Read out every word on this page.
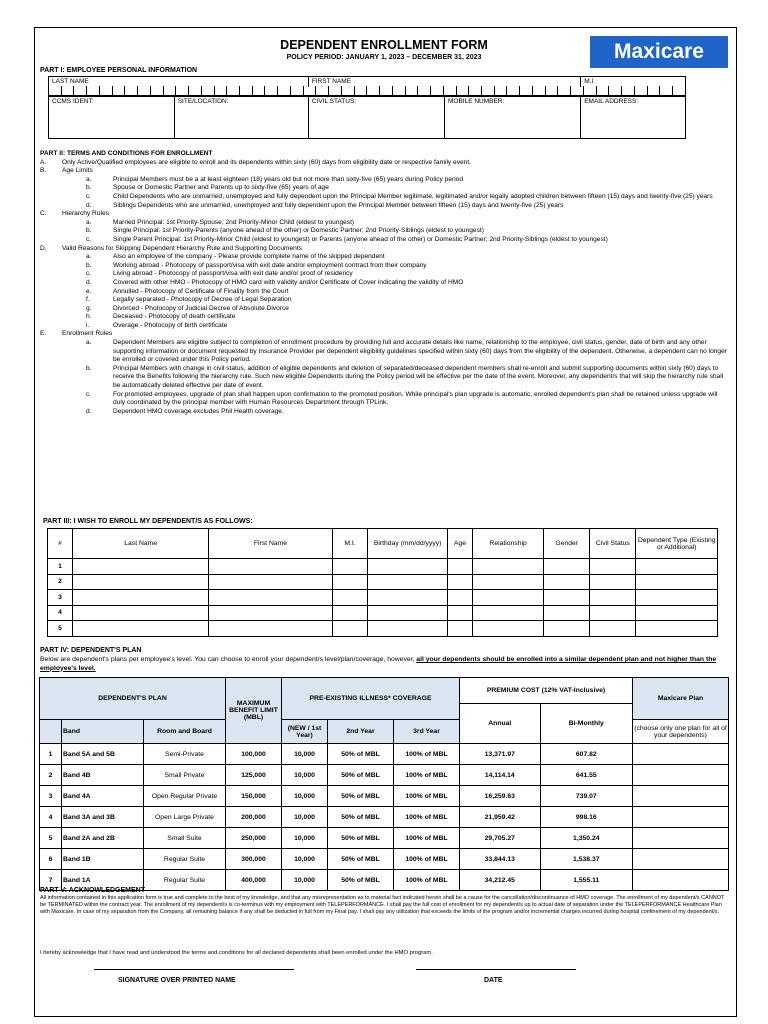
DEPENDENT ENROLLMENT FORM
POLICY PERIOD: JANUARY 1, 2023 – DECEMBER 31, 2023	Maxicare
PART I: EMPLOYEE PERSONAL INFORMATION
LAST NAME		FIRST NAME		M.I

CCMS IDENT:	SITE/LOCATION:	CIVIL STATUS:	MOBILE NUMBER:	EMAIL ADDRESS:
PART II: TERMS AND CONDITIONS FOR ENROLLMENT
A.	Only Active/Qualified employees are eligible to enroll and its dependents within sixty (60) days from eligibility date or respective family event.
B.	Age Limits
a.	Principal Members must be a at least eighteen (18) years old but not more than sixty-five (65) years during Policy period
b.	Spouse or Domestic Partner and Parents up to sixty-five (65) years of age
c.	Child Dependents who are unmarried, unemployed and fully dependent upon the Principal Member legitimate, legitimated and/or legally adopted children between fifteen (15) days and twenty-five (25) years
d.	Siblings Dependents who are unmarried, unemployed and fully dependent upon the Principal Member between fifteen (15) days and twenty-five (25) years
C.	Hierarchy Rules
a.	Married Principal: 1st Priority-Spouse; 2nd Priority-Minor Child (eldest to youngest)
b.	Single Principal: 1st Priority-Parents (anyone ahead of the other) or Domestic Partner; 2nd Priority-Siblings (eldest to youngest)
c.	Single Parent Principal: 1st Priority-Minor Child (eldest to youngest) or Parents (anyone ahead of the other) or Domestic Partner; 2nd Priority-Siblings (eldest to youngest)
D.	Valid Reasons for Skipping Dependent Hierarchy Rule and Supporting Documents
a.	Also an employee of the company - Please provide complete name of the skipped dependent
b.	Working abroad - Photocopy of passport/visa with exit date and/or employment contract from their company
c.	Living abroad - Photocopy of passport/visa with exit date and/or proof of residency
d.	Covered with other HMO - Photocopy of HMO card with validity and/or Certificate of Cover indicating the validity of HMO
e.	Annulled - Photocopy of Certificate of Finality from the Court
f.	Legally separated - Photocopy of Decree of Legal Separation
g.	Divorced - Photocopy of Judicial Decree of Absolute Divorce
h.	Deceased - Photocopy of death certificate
i.	Overage - Photocopy of birth certificate
E.	Enrollment Rules
a.	Dependent Members are eligible subject to completion of enrollment procedure by providing full and accurate details like name, relationship to the employee, civil status, gender, date of birth and any other supporting information or document requested by Insurance Provider per dependent eligibility guidelines specified within sixty (60) days from the eligibility of the dependent. Otherwise, a dependent can no longer be enrolled or covered under this Policy period.
b.	Principal Members with change in civil status, addition of eligible dependents and deletion of separated/deceased dependent members shall re-enroll and submit supporting documents within sixty (60) days to receive the Benefits following the hierarchy rule. Such new eligible Dependents during the Policy period will be effective per the date of the event. Moreover, any dependent/s that will skip the hierarchy rule shall be automatically deleted effective per date of event.
c.	For promoted employees, upgrade of plan shall happen upon confirmation to the promoted position. While principal's plan upgrade is automatic, enrolled dependent's plan shall be retained unless upgrade will duly coordinated by the principal member with Human Resources Department through TPLink.
d.	Dependent HMO coverage excludes Phil Health coverage.
PART III: I WISH TO ENROLL MY DEPENDENT/S AS FOLLOWS:
#	Last Name	First Name	M.I.	Birthday (mm/dd/yyyy)	Age	Relationship	Gender	Civil Status	Dependent Type (Existing or Additional)
1									
2									
3									
4									
5									
PART IV: DEPENDENT'S PLAN
Below are dependent's plans per employee's level. You can choose to enroll your dependent/s level/plan/coverage, however, all your dependents should be enrolled into a similar dependent plan and not higher than the employee's level.
DEPENDENT'S PLAN			MAXIMUM BENEFIT LIMIT (MBL)	PRE-EXISTING ILLNESS* COVERAGE			PREMIUM COST (12% VAT-Inclusive)		Maxicare Plan
							Annual	Bi-Monthly	
	Band	Room and Board		(NEW / 1st Year)	2nd Year	3rd Year			(choose only one plan for all of your dependents)
1	Band 5A and 5B	Semi-Private	100,000	10,000	50% of MBL	100% of MBL	13,371.97	607.82	
2	Band 4B	Small Private	125,000	10,000	50% of MBL	100% of MBL	14,114.14	641.55	
3	Band 4A	Open Regular Private	150,000	10,000	50% of MBL	100% of MBL	16,259.63	739.07	
4	Band 3A and 3B	Open Large Private	200,000	10,000	50% of MBL	100% of MBL	21,959.42	998.16	
5	Band 2A and 2B	Small Suite	250,000	10,000	50% of MBL	100% of MBL	29,705.27	1,350.24	
6	Band 1B	Regular Suite	300,000	10,000	50% of MBL	100% of MBL	33,844.13	1,538.37	
7	Band 1A	Regular Suite	400,000	10,000	50% of MBL	100% of MBL	34,212.45	1,555.11	
PART V: ACKNOWLEDGEMENT
All information contained in this application form is true and complete to the best of my knowledge, and that any misrepresentation as to material fact indicated herein shall be a cause for the cancellation/discontinuance of HMO coverage. The enrollment of my dependent/s CANNOT be TERMINATED within the contract year. The enrollment of my dependent/s is co-terminus with my employment with TELEPERFORMANCE. I shall pay the full cost of enrollment for my dependent/s up to actual date of separation under the TELEPERFORMANCE Healthcare Plan with Maxicare. In case of my separation from the Company, all remaining balance if any shall be deducted in full from my Final pay. I shall pay any utilization that exceeds the limits of the program and/or incremental charges incurred during hospital confinement of my dependent/s.
I hereby acknowledge that I have read and understood the terms and conditions for all declared dependents shall been enrolled under the HMO program.
SIGNATURE OVER PRINTED NAME	DATE
